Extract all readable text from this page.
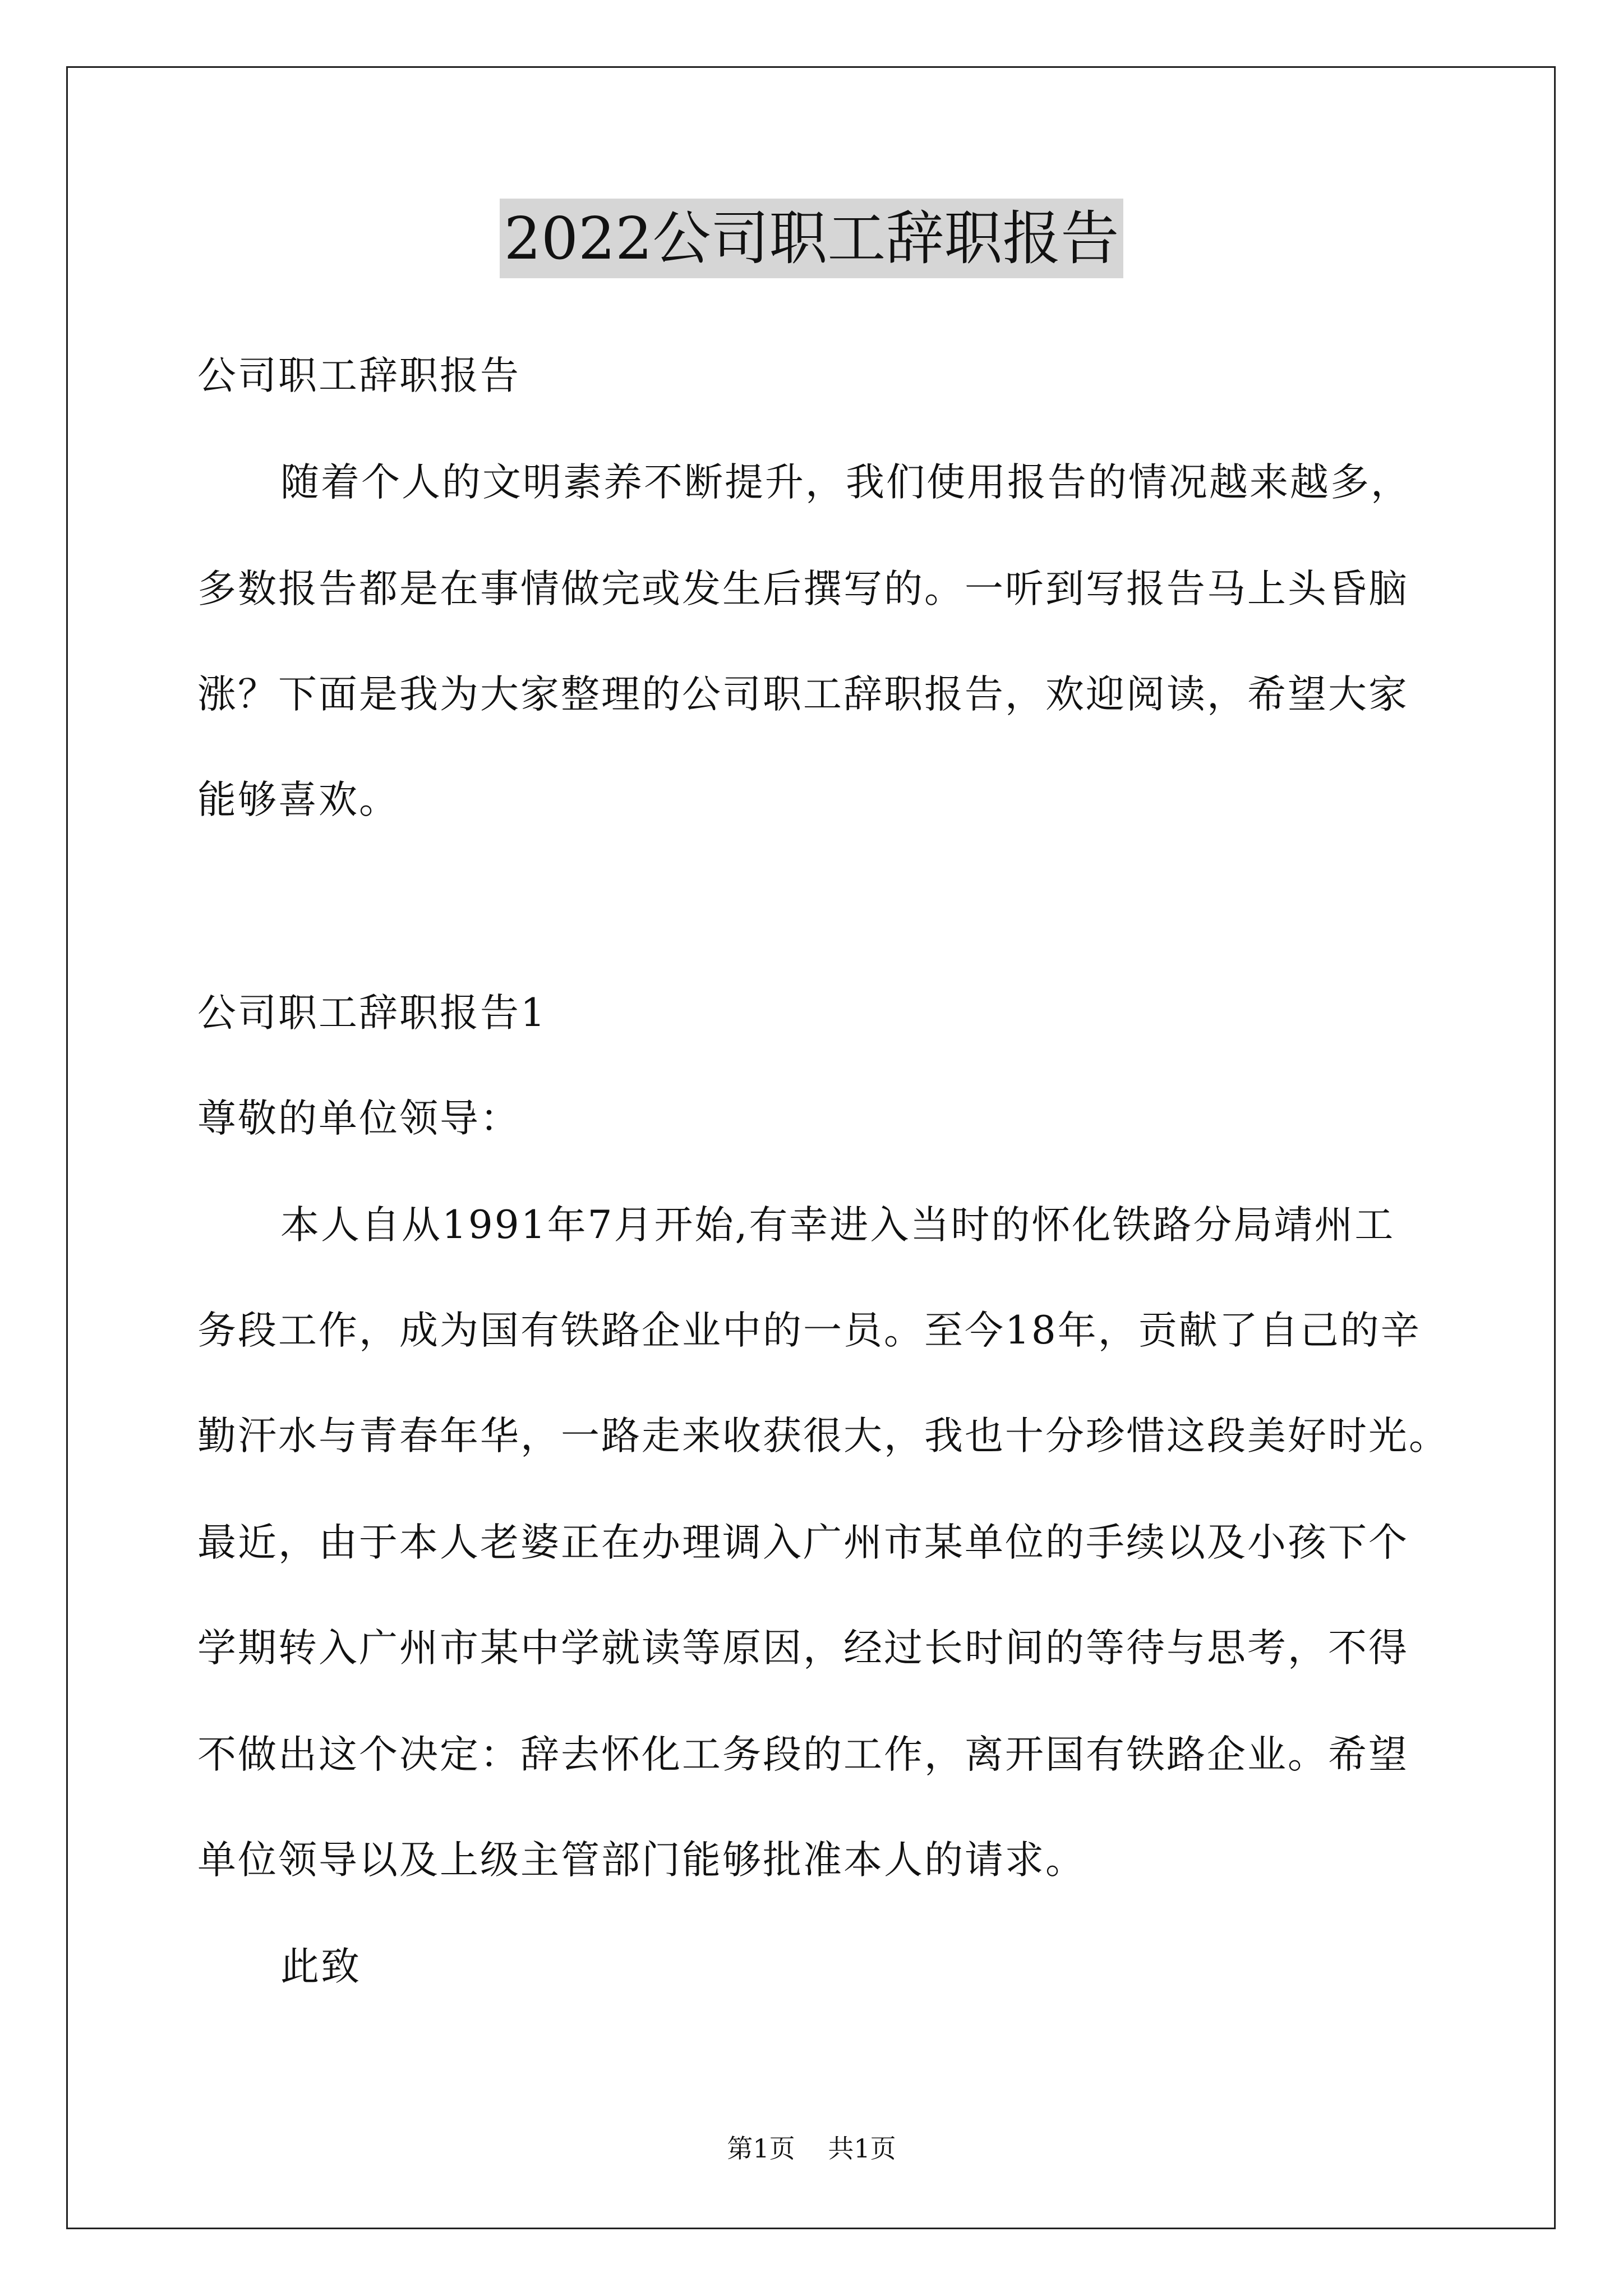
2022公司职工辞职报告
公司职工辞职报告
随着个人的文明素养不断提升，我们使用报告的情况越来越多，
多数报告都是在事情做完或发生后撰写的。一听到写报告马上头昏脑
涨？下面是我为大家整理的公司职工辞职报告，欢迎阅读，希望大家
能够喜欢。
公司职工辞职报告1
尊敬的单位领导：
本人自从1991年7月开始,有幸进入当时的怀化铁路分局靖州工
务段工作，成为国有铁路企业中的一员。至今18年，贡献了自己的辛
勤汗水与青春年华，一路走来收获很大，我也十分珍惜这段美好时光。
最近，由于本人老婆正在办理调入广州市某单位的手续以及小孩下个
学期转入广州市某中学就读等原因，经过长时间的等待与思考，不得
不做出这个决定：辞去怀化工务段的工作，离开国有铁路企业。希望
单位领导以及上级主管部门能够批准本人的请求。
此致
第1页 共1页
